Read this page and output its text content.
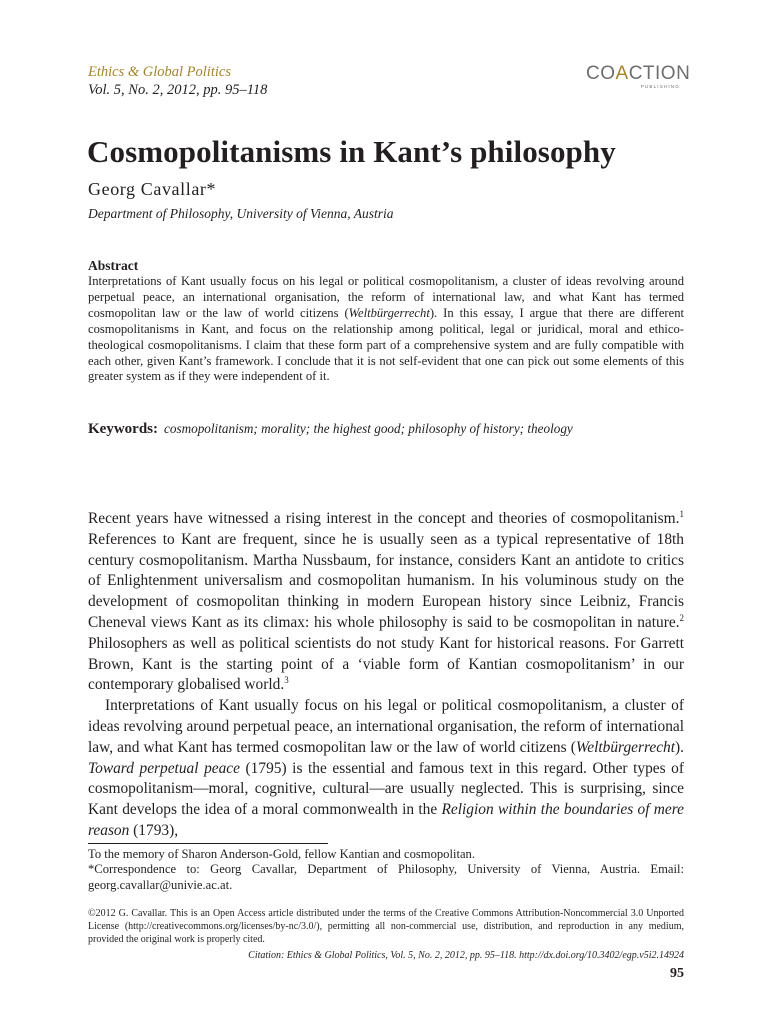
Ethics & Global Politics
Vol. 5, No. 2, 2012, pp. 95–118
COACTION
PUBLISHING
Cosmopolitanisms in Kant’s philosophy
Georg Cavallar*
Department of Philosophy, University of Vienna, Austria
Abstract
Interpretations of Kant usually focus on his legal or political cosmopolitanism, a cluster of ideas revolving around perpetual peace, an international organisation, the reform of international law, and what Kant has termed cosmopolitan law or the law of world citizens (Weltbürgerrecht). In this essay, I argue that there are different cosmopolitanisms in Kant, and focus on the relationship among political, legal or juridical, moral and ethico-theological cosmopolitanisms. I claim that these form part of a comprehensive system and are fully compatible with each other, given Kant’s framework. I conclude that it is not self-evident that one can pick out some elements of this greater system as if they were independent of it.
Keywords: cosmopolitanism; morality; the highest good; philosophy of history; theology

Recent years have witnessed a rising interest in the concept and theories of cosmopolitanism.$^1$ References to Kant are frequent, since he is usually seen as a typical representative of 18th century cosmopolitanism. Martha Nussbaum, for instance, considers Kant an antidote to critics of Enlightenment universalism and cosmopolitan humanism. In his voluminous study on the development of cosmopolitan thinking in modern European history since Leibniz, Francis Cheneval views Kant as its climax: his whole philosophy is said to be cosmopolitan in nature.$^2$ Philosophers as well as political scientists do not study Kant for historical reasons. For Garrett Brown, Kant is the starting point of a ‘viable form of Kantian cosmopolitanism’ in our contemporary globalised world.$^3$

Interpretations of Kant usually focus on his legal or political cosmopolitanism, a cluster of ideas revolving around perpetual peace, an international organisation, the reform of international law, and what Kant has termed cosmopolitan law or the law of world citizens (Weltbürgerrecht). Toward perpetual peace (1795) is the essential and famous text in this regard. Other types of cosmopolitanism—moral, cognitive, cultural—are usually neglected. This is surprising, since Kant develops the idea of a moral commonwealth in the Religion within the boundaries of mere reason (1793),

To the memory of Sharon Anderson-Gold, fellow Kantian and cosmopolitan.

*Correspondence to: Georg Cavallar, Department of Philosophy, University of Vienna, Austria. Email: georg.cavallar@univie.ac.at.

©2012 G. Cavallar. This is an Open Access article distributed under the terms of the Creative Commons Attribution-Noncommercial 3.0 Unported License (http://creativecommons.org/licenses/by-nc/3.0/), permitting all non-commercial use, distribution, and reproduction in any medium, provided the original work is properly cited.

Citation: Ethics & Global Politics, Vol. 5, No. 2, 2012, pp. 95–118. http://dx.doi.org/10.3402/egp.v5i2.14924
95
